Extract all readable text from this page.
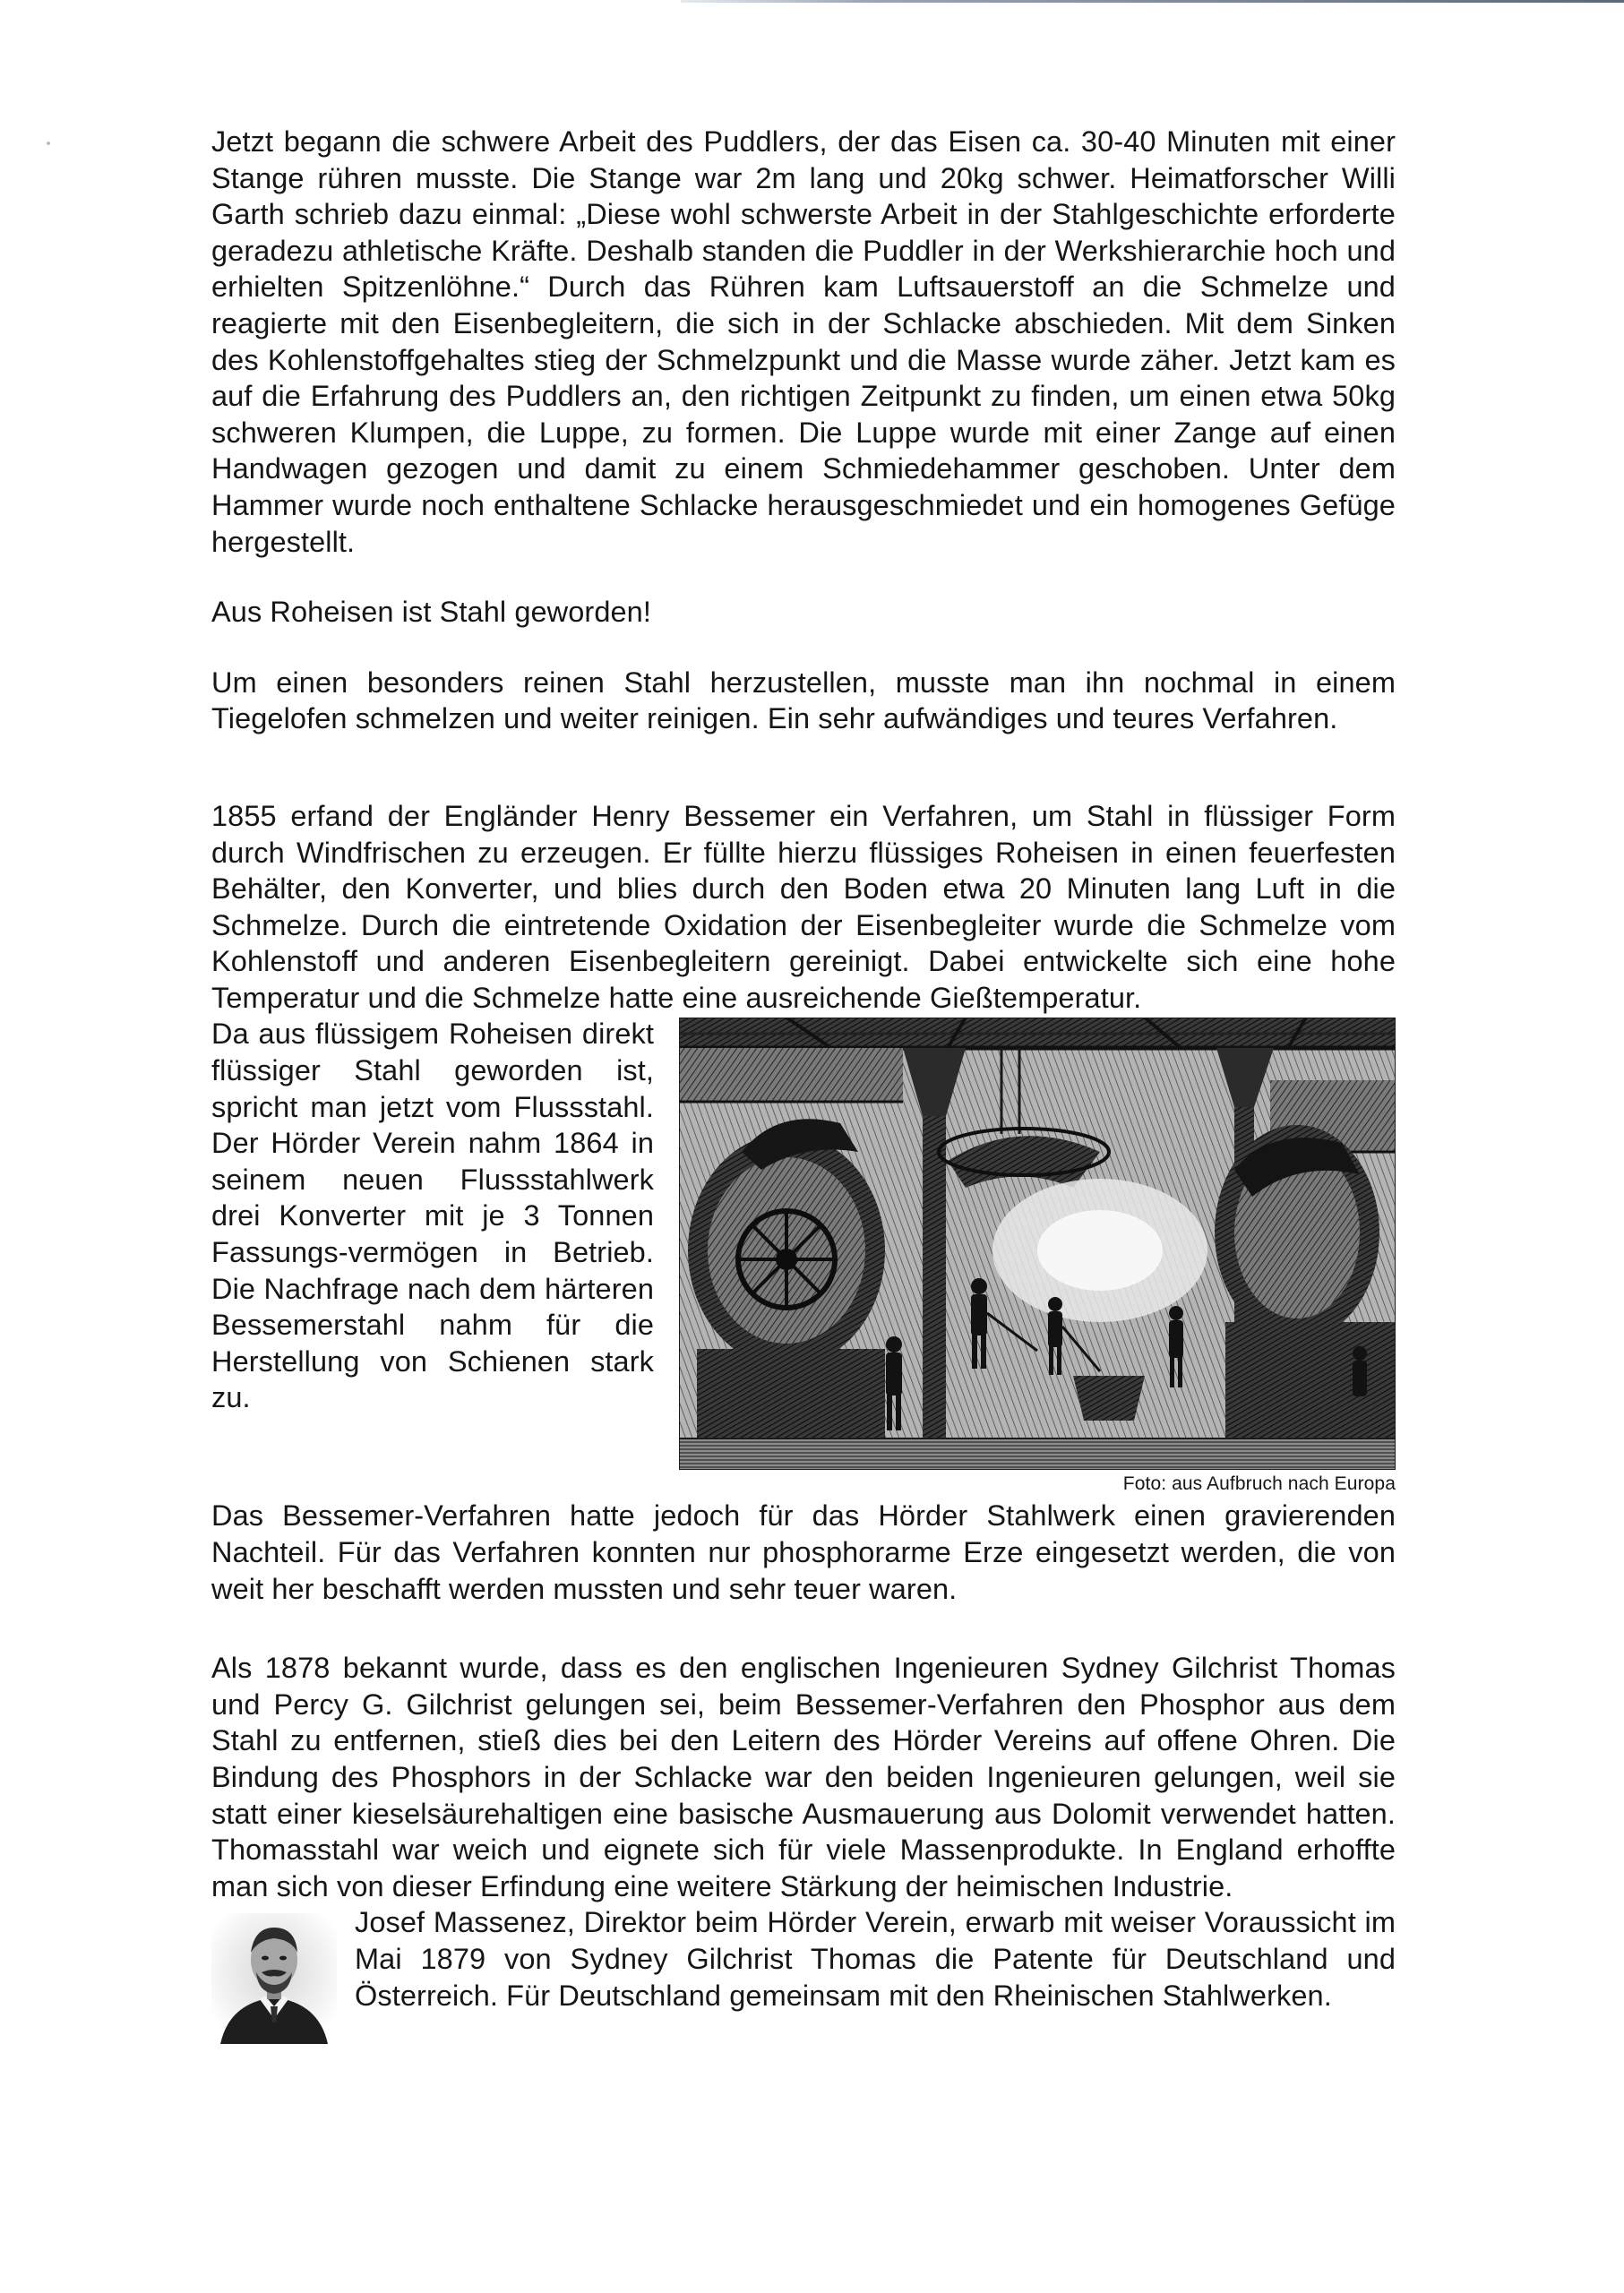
Jetzt begann die schwere Arbeit des Puddlers, der das Eisen ca. 30-40 Minuten mit einer Stange rühren musste. Die Stange war 2m lang und 20kg schwer. Heimatforscher Willi Garth schrieb dazu einmal: „Diese wohl schwerste Arbeit in der Stahlgeschichte erforderte geradezu athletische Kräfte. Deshalb standen die Puddler in der Werkshierarchie hoch und erhielten Spitzenlöhne.“ Durch das Rühren kam Luftsauerstoff an die Schmelze und reagierte mit den Eisenbegleitern, die sich in der Schlacke abschieden. Mit dem Sinken des Kohlenstoffgehaltes stieg der Schmelzpunkt und die Masse wurde zäher. Jetzt kam es auf die Erfahrung des Puddlers an, den richtigen Zeitpunkt zu finden, um einen etwa 50kg schweren Klumpen, die Luppe, zu formen. Die Luppe wurde mit einer Zange auf einen Handwagen gezogen und damit zu einem Schmiedehammer geschoben. Unter dem Hammer wurde noch enthaltene Schlacke herausgeschmiedet und ein homogenes Gefüge hergestellt.

Aus Roheisen ist Stahl geworden!

Um einen besonders reinen Stahl herzustellen, musste man ihn nochmal in einem Tiegelofen schmelzen und weiter reinigen. Ein sehr aufwändiges und teures Verfahren.

1855 erfand der Engländer Henry Bessemer ein Verfahren, um Stahl in flüssiger Form durch Windfrischen zu erzeugen. Er füllte hierzu flüssiges Roheisen in einen feuerfesten Behälter, den Konverter, und blies durch den Boden etwa 20 Minuten lang Luft in die Schmelze. Durch die eintretende Oxidation der Eisenbegleiter wurde die Schmelze vom Kohlenstoff und anderen Eisenbegleitern gereinigt. Dabei entwickelte sich eine hohe Temperatur und die Schmelze hatte eine ausreichende Gießtemperatur.

Foto: aus Aufbruch nach Europa

Da aus flüssigem Roheisen direkt flüssiger Stahl geworden ist, spricht man jetzt vom Flussstahl. Der Hörder Verein nahm 1864 in seinem neuen Flussstahlwerk drei Konverter mit je 3 Tonnen Fassungs-vermögen in Betrieb. Die Nachfrage nach dem härteren Bessemerstahl nahm für die Herstellung von Schienen stark zu.

Das Bessemer-Verfahren hatte jedoch für das Hörder Stahlwerk einen gravierenden Nachteil. Für das Verfahren konnten nur phosphorarme Erze eingesetzt werden, die von weit her beschafft werden mussten und sehr teuer waren.

Als 1878 bekannt wurde, dass es den englischen Ingenieuren Sydney Gilchrist Thomas und Percy G. Gilchrist gelungen sei, beim Bessemer-Verfahren den Phosphor aus dem Stahl zu entfernen, stieß dies bei den Leitern des Hörder Vereins auf offene Ohren. Die Bindung des Phosphors in der Schlacke war den beiden Ingenieuren gelungen, weil sie statt einer kieselsäurehaltigen eine basische Ausmauerung aus Dolomit verwendet hatten. Thomasstahl war weich und eignete sich für viele Massenprodukte. In England erhoffte man sich von dieser Erfindung eine weitere Stärkung der heimischen Industrie.

Josef Massenez, Direktor beim Hörder Verein, erwarb mit weiser Voraussicht im Mai 1879 von Sydney Gilchrist Thomas die Patente für Deutschland und Österreich. Für Deutschland gemeinsam mit den Rheinischen Stahlwerken.
